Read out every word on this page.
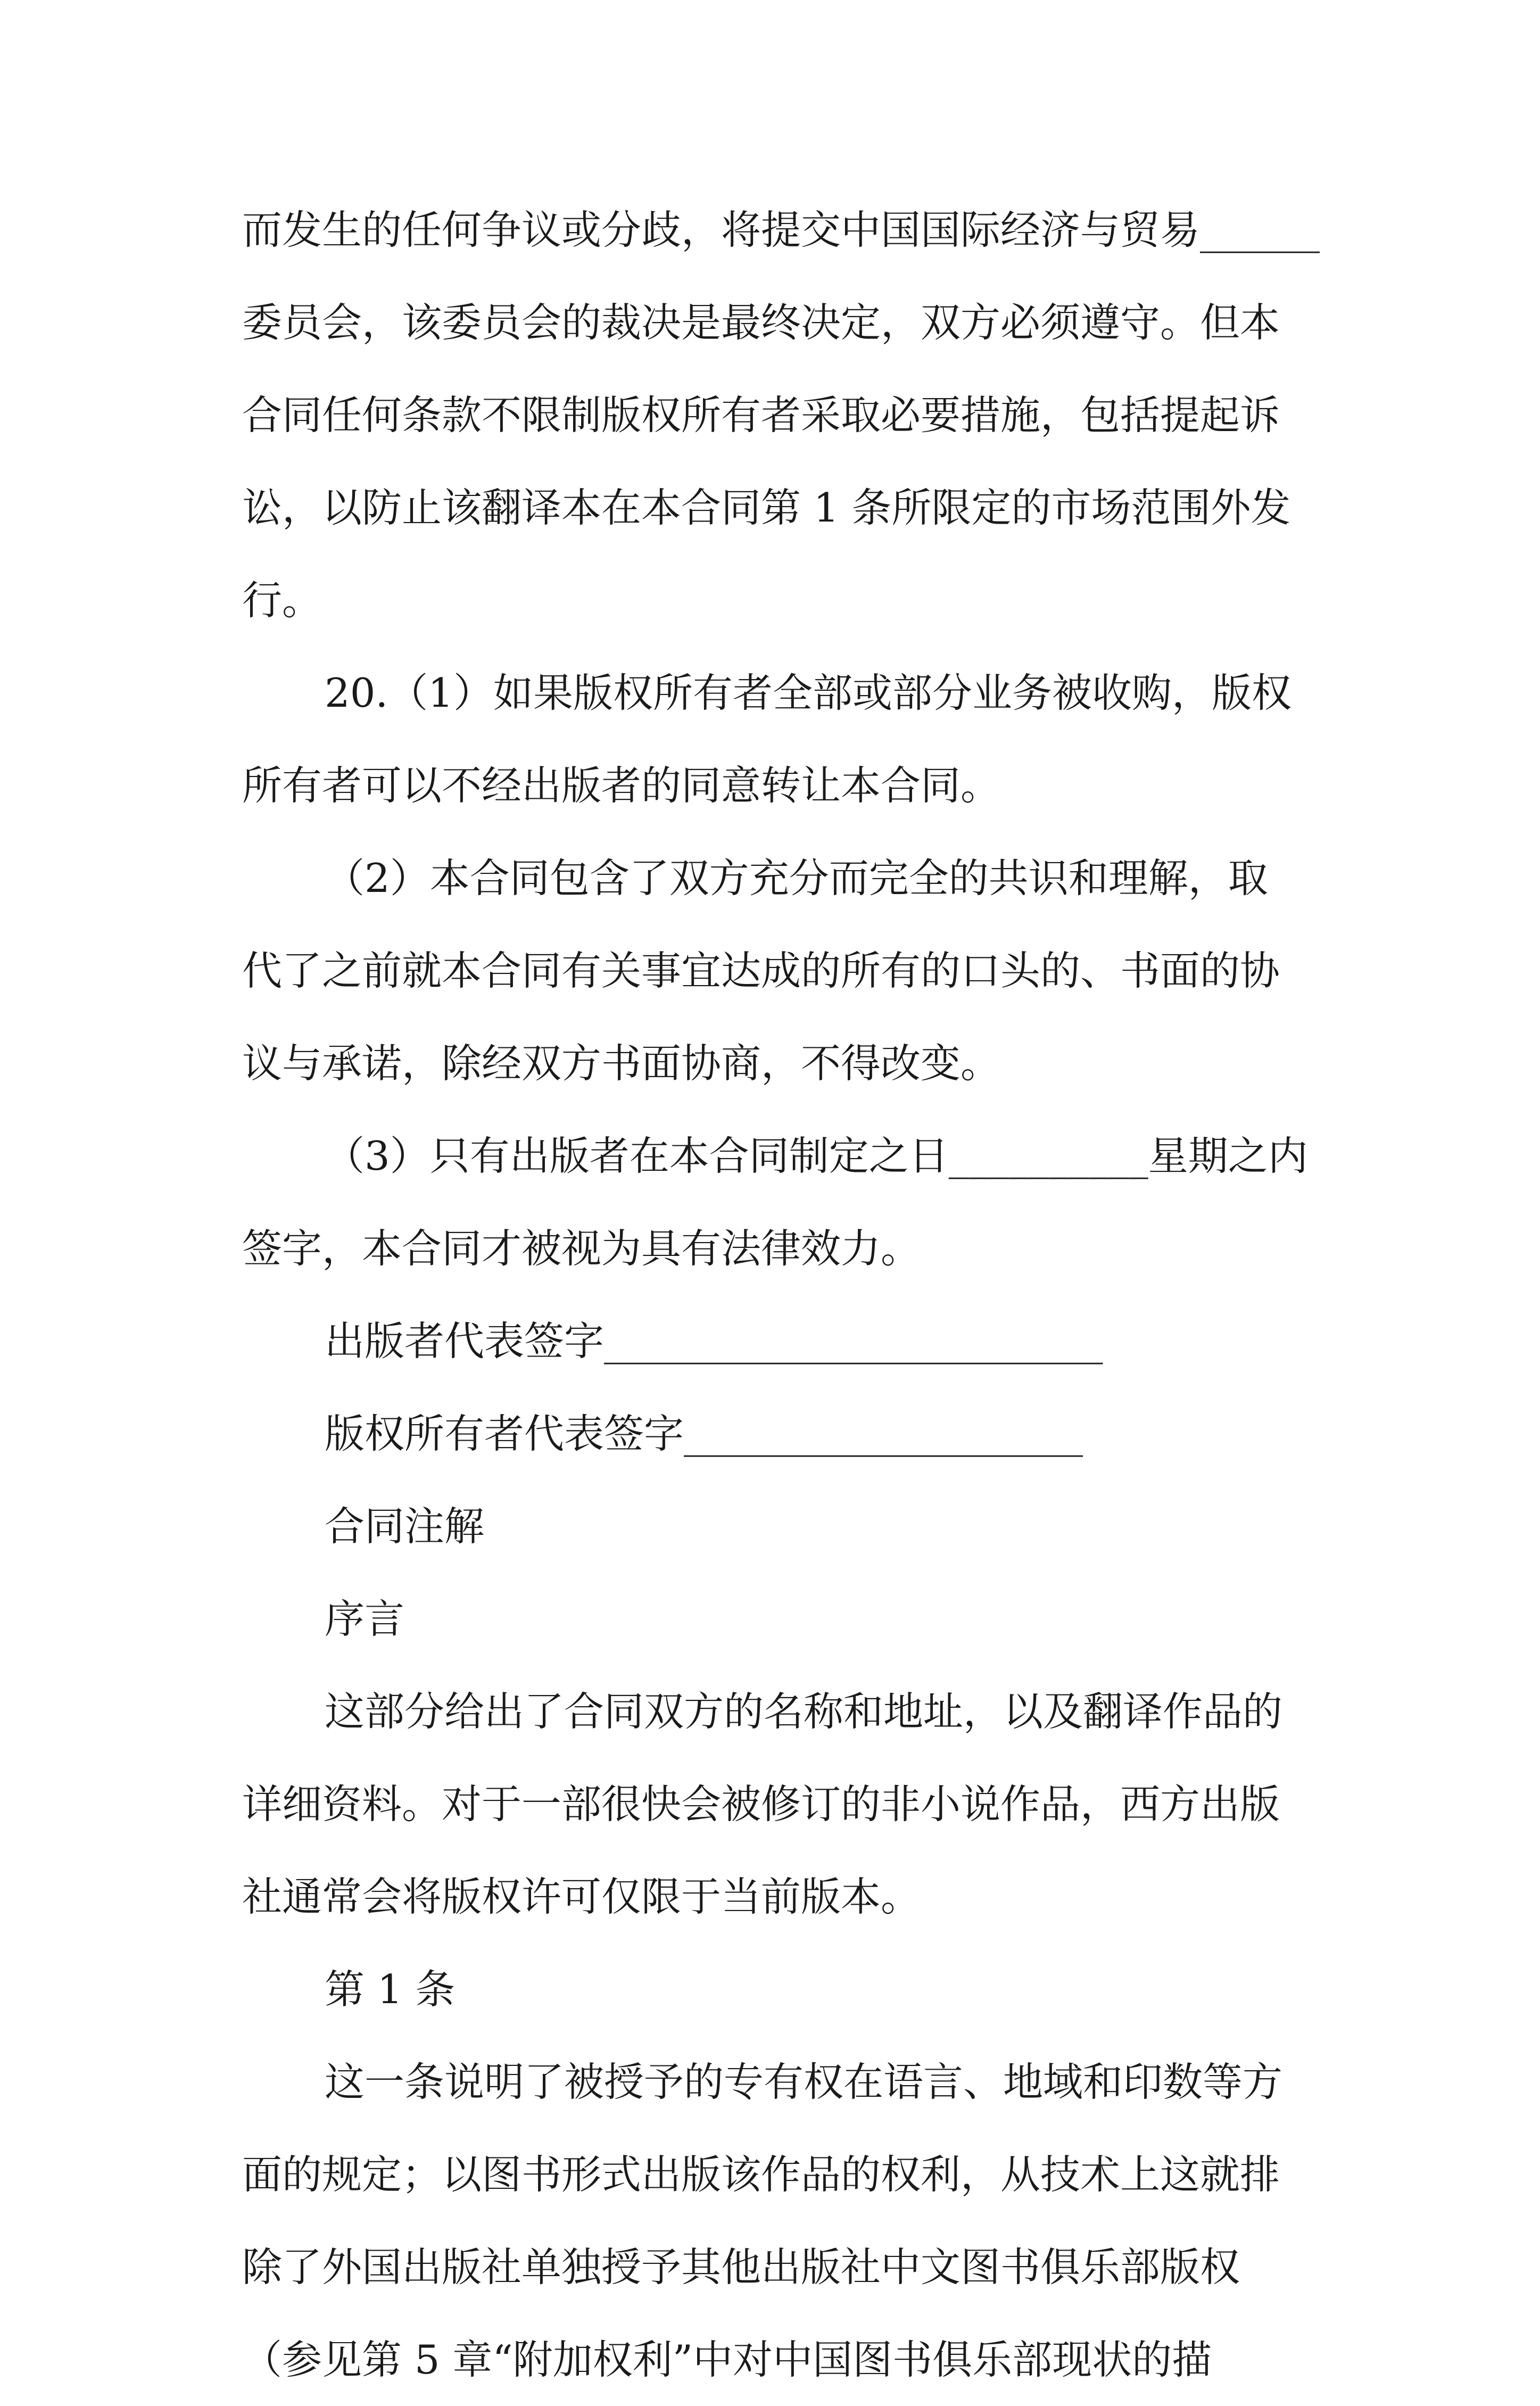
而发生的任何争议或分歧，将提交中国国际经济与贸易______
委员会，该委员会的裁决是最终决定，双方必须遵守。但本
合同任何条款不限制版权所有者采取必要措施，包括提起诉
讼，以防止该翻译本在本合同第 1 条所限定的市场范围外发
行。
20.（1）如果版权所有者全部或部分业务被收购，版权
所有者可以不经出版者的同意转让本合同。
（2）本合同包含了双方充分而完全的共识和理解，取
代了之前就本合同有关事宜达成的所有的口头的、书面的协
议与承诺，除经双方书面协商，不得改变。
（3）只有出版者在本合同制定之日__________星期之内
签字，本合同才被视为具有法律效力。
出版者代表签字_________________________
版权所有者代表签字____________________
合同注解
序言
这部分给出了合同双方的名称和地址，以及翻译作品的
详细资料。对于一部很快会被修订的非小说作品，西方出版
社通常会将版权许可仅限于当前版本。
第 1 条
这一条说明了被授予的专有权在语言、地域和印数等方
面的规定；以图书形式出版该作品的权利，从技术上这就排
除了外国出版社单独授予其他出版社中文图书俱乐部版权
（参见第 5 章“附加权利”中对中国图书俱乐部现状的描
